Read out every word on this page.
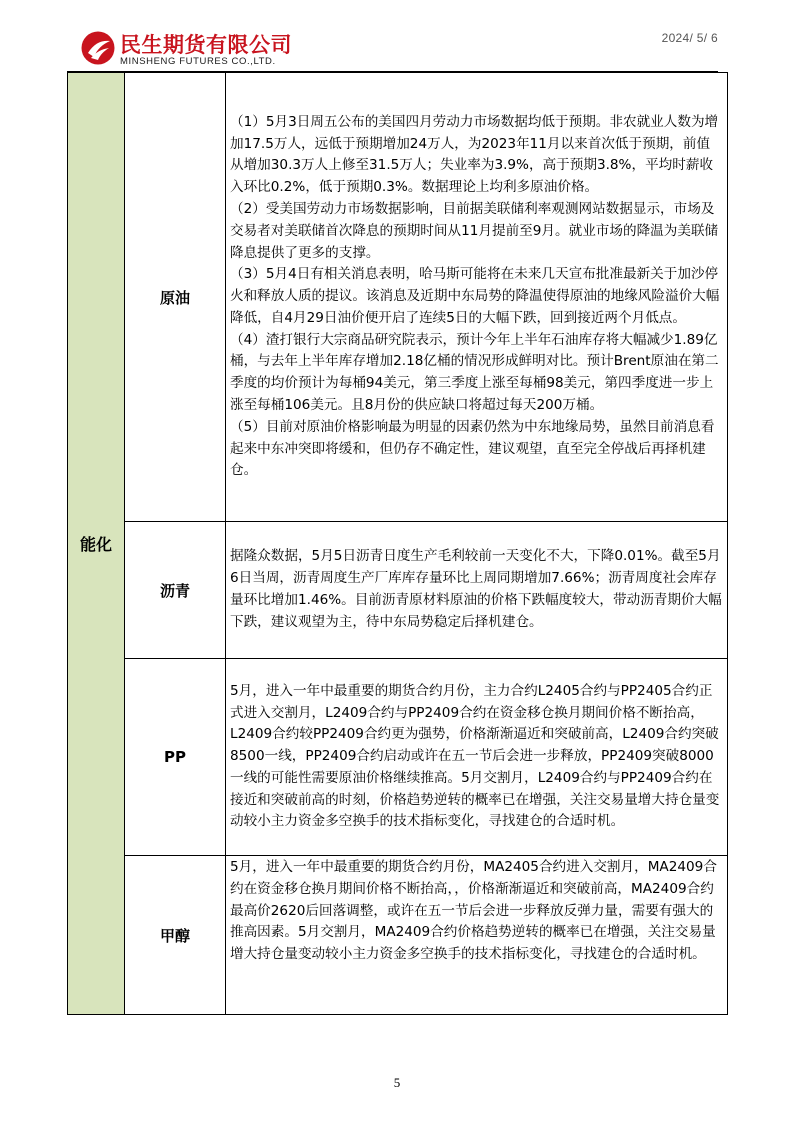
民生期货有限公司
MINSHENG FUTURES CO.,LTD.
2024/ 5/ 6
能化	原油	（1）5月3日周五公布的美国四月劳动力市场数据均低于预期。非农就业人数为增加17.5万人，远低于预期增加24万人，为2023年11月以来首次低于预期，前值从增加30.3万人上修至31.5万人；失业率为3.9%，高于预期3.8%，平均时薪收入环比0.2%，低于预期0.3%。数据理论上均利多原油价格。

（2）受美国劳动力市场数据影响，目前据美联储利率观测网站数据显示，市场及交易者对美联储首次降息的预期时间从11月提前至9月。就业市场的降温为美联储降息提供了更多的支撑。

（3）5月4日有相关消息表明，哈马斯可能将在未来几天宣布批准最新关于加沙停火和释放人质的提议。该消息及近期中东局势的降温使得原油的地缘风险溢价大幅降低，自4月29日油价便开启了连续5日的大幅下跌，回到接近两个月低点。

（4）渣打银行大宗商品研究院表示，预计今年上半年石油库存将大幅减少1.89亿桶，与去年上半年库存增加2.18亿桶的情况形成鲜明对比。预计Brent原油在第二季度的均价预计为每桶94美元，第三季度上涨至每桶98美元，第四季度进一步上涨至每桶106美元。且8月份的供应缺口将超过每天200万桶。

（5）目前对原油价格影响最为明显的因素仍然为中东地缘局势，虽然目前消息看起来中东冲突即将缓和，但仍存不确定性，建议观望，直至完全停战后再择机建仓。

	沥青	据隆众数据，5月5日沥青日度生产毛利较前一天变化不大，下降0.01%。截至5月6日当周，沥青周度生产厂库库存量环比上周同期增加7.66%；沥青周度社会库存量环比增加1.46%。目前沥青原材料原油的价格下跌幅度较大，带动沥青期价大幅下跌，建议观望为主，待中东局势稳定后择机建仓。

	PP	5月，进入一年中最重要的期货合约月份，主力合约L2405合约与PP2405合约正式进入交割月，L2409合约与PP2409合约在资金移仓换月期间价格不断抬高，L2409合约较PP2409合约更为强势，价格渐渐逼近和突破前高，L2409合约突破8500一线，PP2409合约启动或许在五一节后会进一步释放，PP2409突破8000一线的可能性需要原油价格继续推高。5月交割月，L2409合约与PP2409合约在接近和突破前高的时刻，价格趋势逆转的概率已在增强，关注交易量增大持仓量变动较小主力资金多空换手的技术指标变化，寻找建仓的合适时机。

	甲醇	5月，进入一年中最重要的期货合约月份，MA2405合约进入交割月，MA2409合约在资金移仓换月期间价格不断抬高，，价格渐渐逼近和突破前高，MA2409合约最高价2620后回落调整，或许在五一节后会进一步释放反弹力量，需要有强大的推高因素。5月交割月，MA2409合约价格趋势逆转的概率已在增强，关注交易量增大持仓量变动较小主力资金多空换手的技术指标变化，寻找建仓的合适时机。

5
